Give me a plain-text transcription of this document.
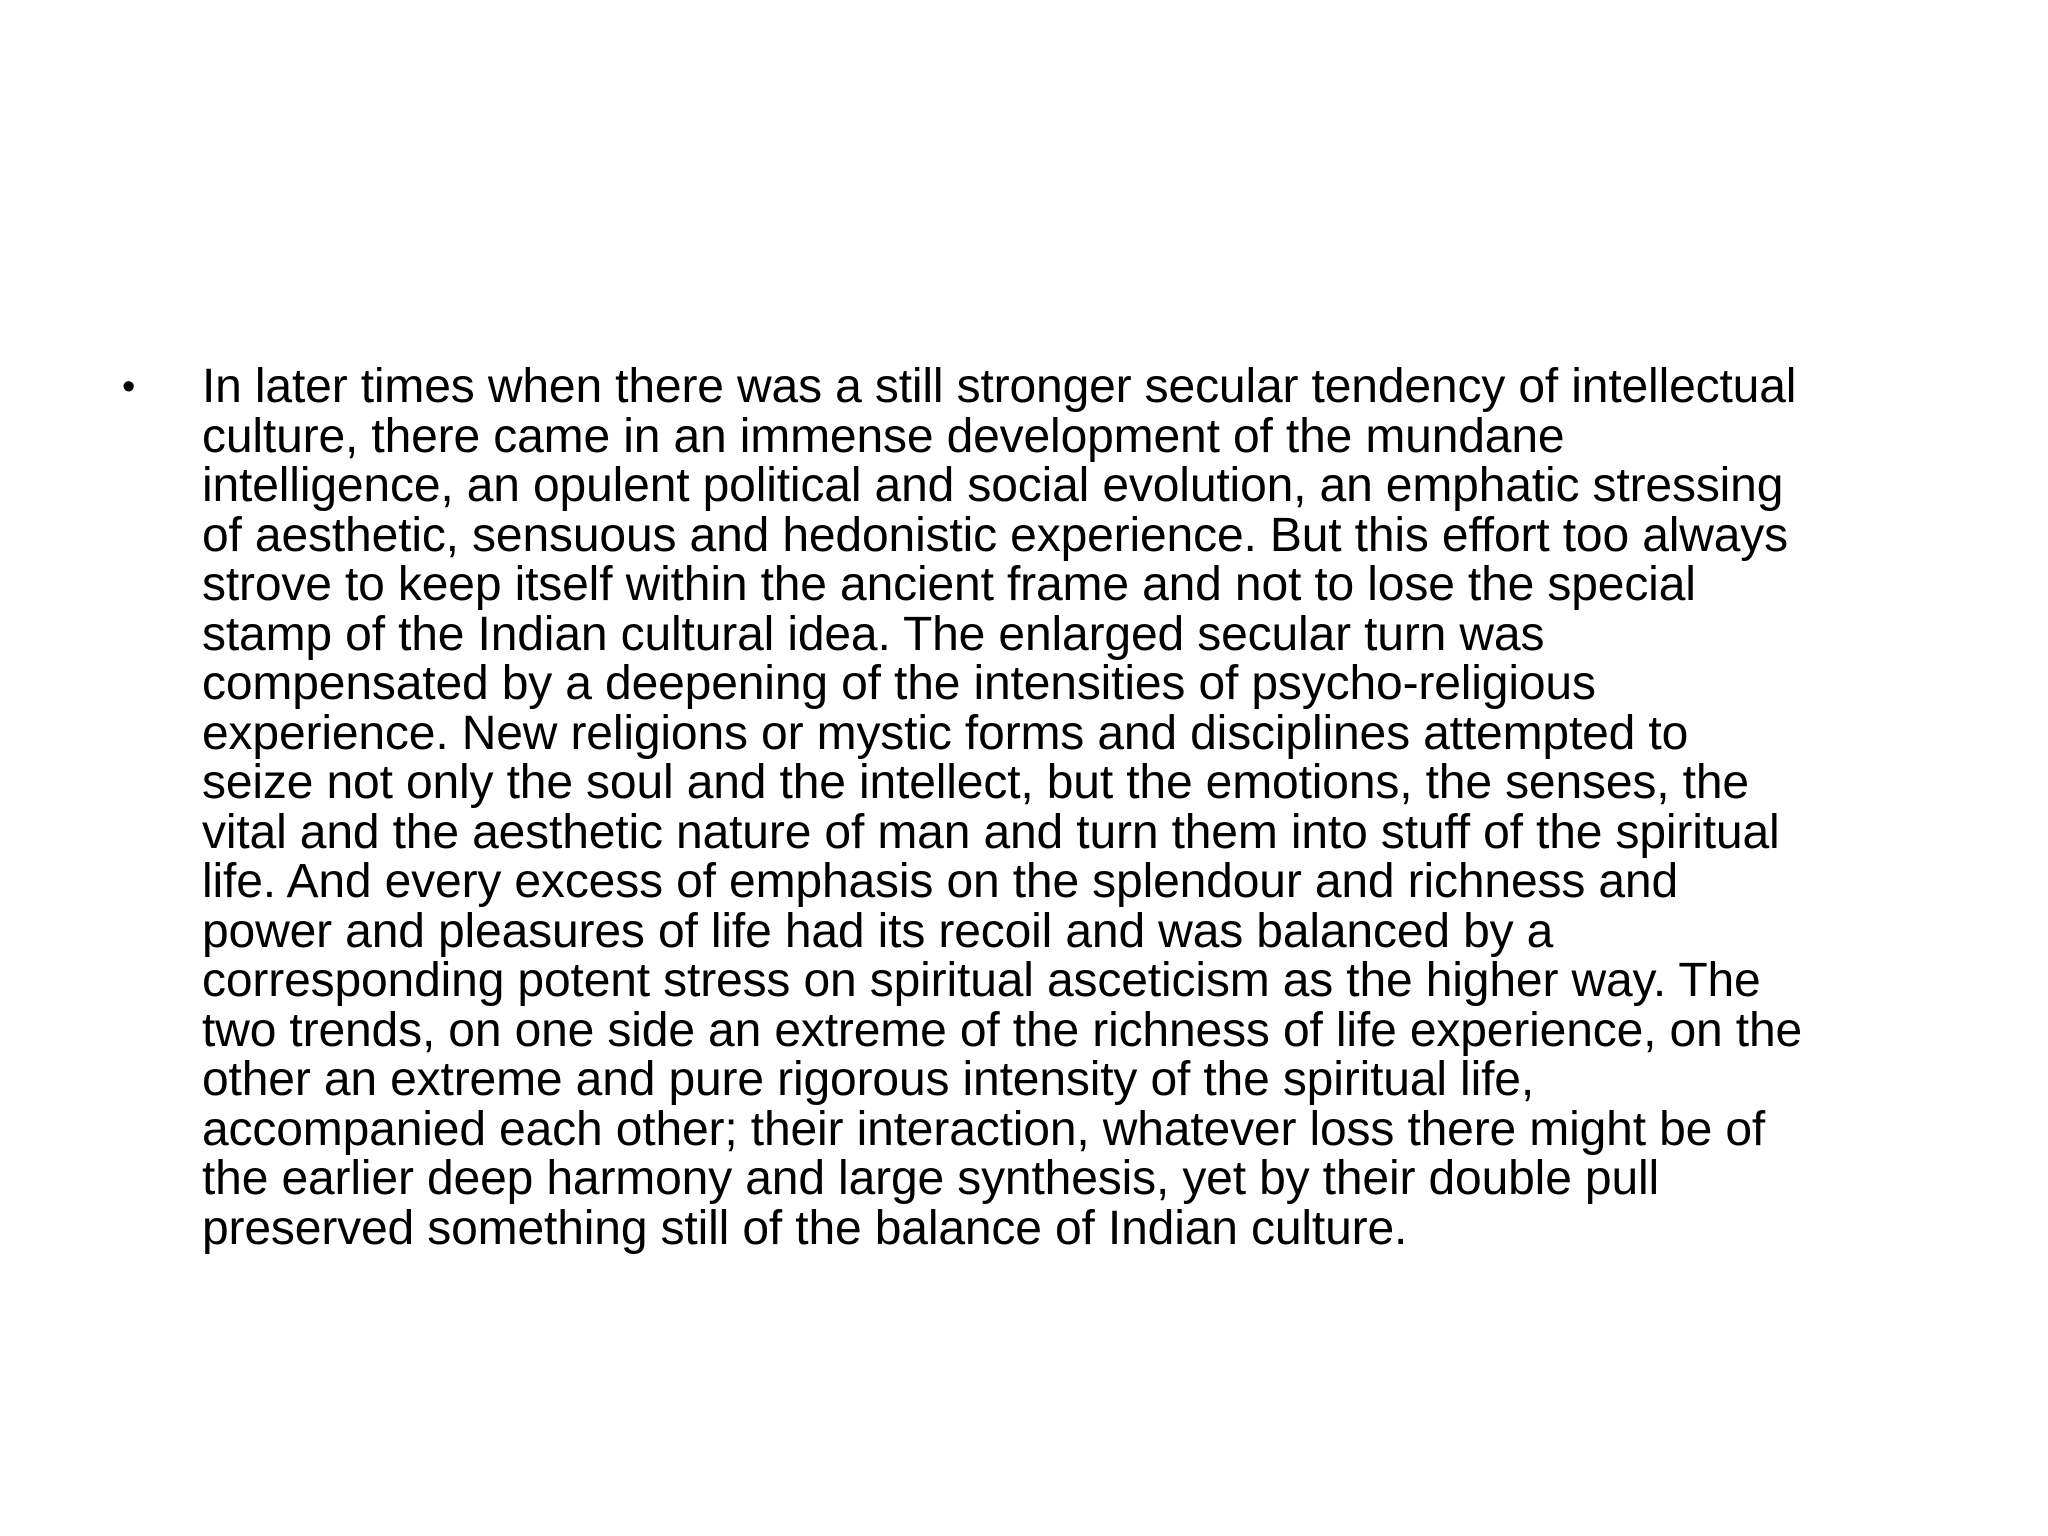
• In later times when there was a still stronger secular tendency of intellectual
culture, there came in an immense development of the mundane
intelligence, an opulent political and social evolution, an emphatic stressing
of aesthetic, sensuous and hedonistic experience. But this effort too always
strove to keep itself within the ancient frame and not to lose the special
stamp of the Indian cultural idea. The enlarged secular turn was
compensated by a deepening of the intensities of psycho-religious
experience. New religions or mystic forms and disciplines attempted to
seize not only the soul and the intellect, but the emotions, the senses, the
vital and the aesthetic nature of man and turn them into stuff of the spiritual
life. And every excess of emphasis on the splendour and richness and
power and pleasures of life had its recoil and was balanced by a
corresponding potent stress on spiritual asceticism as the higher way. The
two trends, on one side an extreme of the richness of life experience, on the
other an extreme and pure rigorous intensity of the spiritual life,
accompanied each other; their interaction, whatever loss there might be of
the earlier deep harmony and large synthesis, yet by their double pull
preserved something still of the balance of Indian culture.
